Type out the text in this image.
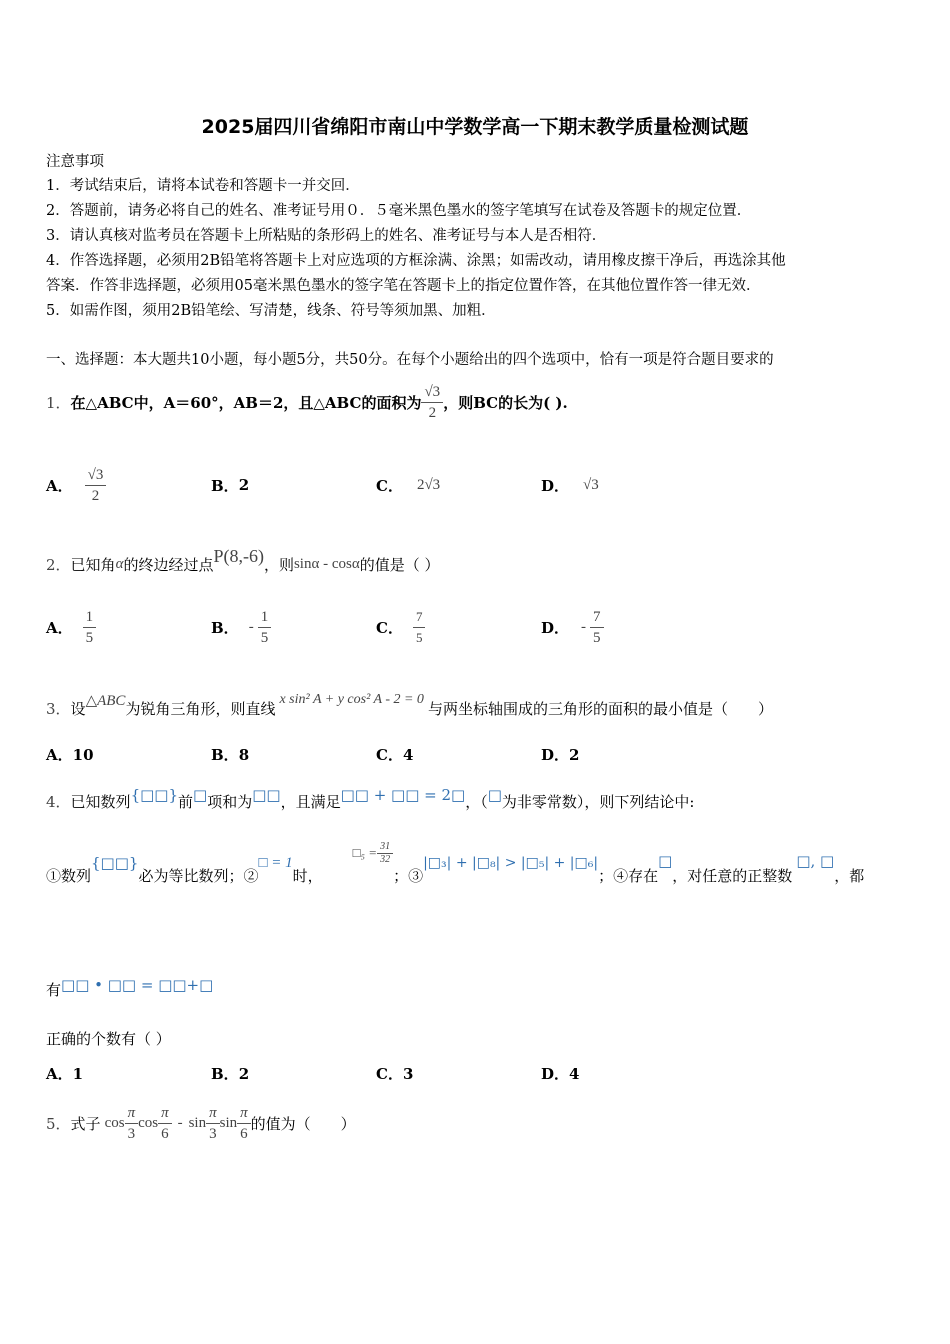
2025届四川省绵阳市南山中学数学高一下期末教学质量检测试题
注意事项
1．考试结束后，请将本试卷和答题卡一并交回．
2．答题前，请务必将自己的姓名、准考证号用０．５毫米黑色墨水的签字笔填写在试卷及答题卡的规定位置．
3．请认真核对监考员在答题卡上所粘贴的条形码上的姓名、准考证号与本人是否相符．
4．作答选择题，必须用2B铅笔将答题卡上对应选项的方框涂满、涂黑；如需改动，请用橡皮擦干净后，再选涂其他
答案．作答非选择题，必须用05毫米黑色墨水的签字笔在答题卡上的指定位置作答，在其他位置作答一律无效．
5．如需作图，须用2B铅笔绘、写清楚，线条、符号等须加黑、加粗．
一、选择题：本大题共10小题，每小题5分，共50分。在每个小题给出的四个选项中，恰有一项是符合题目要求的
1． 在△ABC中，A＝60°，AB＝2，且△ABC的面积为 $\frac{√3}{2}$ ，则BC的长为( ).
A． $\frac{√3}{2}$	B． 2	C． 2√3	D． √3
2． 已知角 α 的终边经过点 P(8,-6) ，则 sinα - cosα 的值是（ ）
A． $\frac{1}{5}$	B． - $\frac{1}{5}$	C． $\frac{7}{5}$	D． - $\frac{7}{5}$
3． 设 △ABC 为锐角三角形，则直线 x sin² A + y cos² A - 2 = 0 与两坐标轴围成的三角形的面积的最小值是（　　）
A．10	B．8	C．4	D．2
4． 已知数列 {□□} 前 □ 项和为 □□ ，且满足 □□ + □□ = 2□ ，（ □ 为非零常数），则下列结论中:
①数列
{□□}
必为等比数列；②
□ = 1
时，
□₅ = $\frac{31}{32}$
；③
|□₃| + |□₈| > |□₅| + |□₆|
；④存在
□
，对任意的正整数
□, □
，都
有 □□ • □□ = □□+□
正确的个数有（ ）
A．1	B．2	C．3	D．4
5． 式子 $\cos \frac{\pi}{3}$ $\cos \frac{\pi}{6}$ - $\sin \frac{\pi}{3}$ $\sin \frac{\pi}{6}$ 的值为（　　）
